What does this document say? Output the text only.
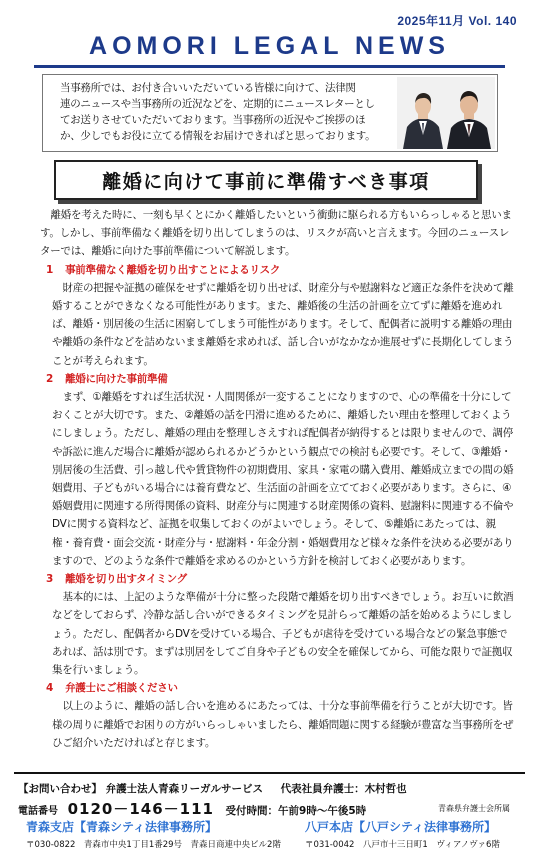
2025年11月 Vol. 140
AOMORI LEGAL NEWS
当事務所では、お付き合いいただいている皆様に向けて、法律関
連のニュースや当事務所の近況などを、定期的にニュースレターとし
てお送りさせていただいております。当事務所の近況やご挨拶のほ
か、少しでもお役に立てる情報をお届けできればと思っております。
離婚に向けて事前に準備すべき事項

離婚を考えた時に、一刻も早くとにかく離婚したいという衝動に駆られる方もいらっしゃると思います。しかし、事前準備なく離婚を切り出してしまうのは、リスクが高いと言えます。今回のニュースレターでは、離婚に向けた事前準備について解説します。

1 事前準備なく離婚を切り出すことによるリスク

財産の把握や証拠の確保をせずに離婚を切り出せば、財産分与や慰謝料など適正な条件を決めて離婚することができなくなる可能性があります。また、離婚後の生活の計画を立てずに離婚を進めれば、離婚・別居後の生活に困窮してしまう可能性があります。そして、配偶者に説明する離婚の理由や離婚の条件などを詰めないまま離婚を求めれば、話し合いがなかなか進展せずに長期化してしまうことが考えられます。

2 離婚に向けた事前準備

まず、①離婚をすれば生活状況・人間関係が一変することになりますので、心の準備を十分にしておくことが大切です。また、②離婚の話を円滑に進めるために、離婚したい理由を整理しておくようにしましょう。ただし、離婚の理由を整理しさえすれば配偶者が納得するとは限りませんので、調停や訴訟に進んだ場合に離婚が認められるかどうかという観点での検討も必要です。そして、③離婚・別居後の生活費、引っ越し代や賃貸物件の初期費用、家具・家電の購入費用、離婚成立までの間の婚姻費用、子どもがいる場合には養育費など、生活面の計画を立てておく必要があります。さらに、④婚姻費用に関連する所得関係の資料、財産分与に関連する財産関係の資料、慰謝料に関連する不倫やDVに関する資料など、証拠を収集しておくのがよいでしょう。そして、⑤離婚にあたっては、親権・養育費・面会交流・財産分与・慰謝料・年金分割・婚姻費用など様々な条件を決める必要がありますので、どのような条件で離婚を求めるのかという方針を検討しておく必要があります。

3 離婚を切り出すタイミング

基本的には、上記のような準備が十分に整った段階で離婚を切り出すべきでしょう。お互いに飲酒などをしておらず、冷静な話し合いができるタイミングを見計らって離婚の話を始めるようにしましょう。ただし、配偶者からDVを受けている場合、子どもが虐待を受けている場合などの緊急事態であれば、話は別です。まずは別居をしてご自身や子どもの安全を確保してから、可能な限りで証拠収集を行いましょう。

4 弁護士にご相談ください

以上のように、離婚の話し合いを進めるにあたっては、十分な事前準備を行うことが大切です。皆様の周りに離婚でお困りの方がいらっしゃいましたら、離婚問題に関する経験が豊富な当事務所をぜひご紹介いただければと存じます。

【お問い合わせ】 弁護士法人青森リーガルサービス 代表社員弁護士：木村哲也
電話番号 0120－146－111 受付時間：午前9時～午後5時	青森県弁護士会所属
青森支店【青森シティ法律事務所】	八戸本店【八戸シティ法律事務所】
〒030-0822　青森市中央1丁目1番29号　青森日商連中央ビル2階	〒031-0042　八戸市十三日町1　ヴィアノヴァ6階
